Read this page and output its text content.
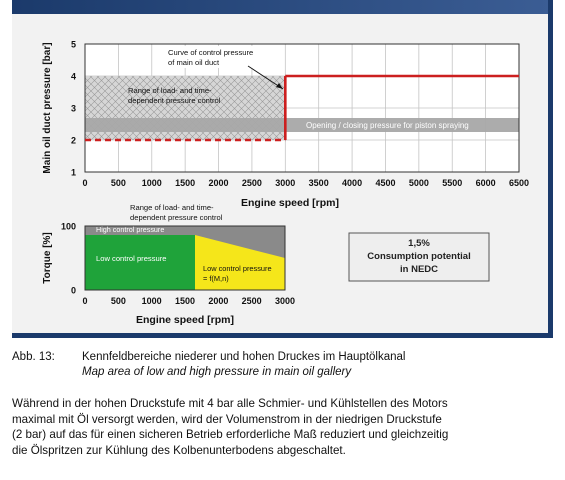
1
2
3
4
5
0	500 1000 1500 2000 2500 3000 3500 4000 4500 5000 5500 6000 6500
Main oil duct pressure [bar]
Engine speed [rpm]
Curve of control pressure
of main oil duct
Range of load- and time-
dependent pressure control
Opening / closing pressure for piston spraying
Range of load- and time-
dependent pressure control
0
100
0	500 1000 1500 2000 2500 3000
High control pressure
Low control pressure
Low control pressure
= f(M,n)
Torque [%]
Engine speed [rpm]
1,5%
Consumption potential
in NEDC
Abb. 13: Kennfeldbereiche niederer und hohen Druckes im Hauptölkanal
Map area of low and high pressure in main oil gallery
Während in der hohen Druckstufe mit 4 bar alle Schmier- und Kühlstellen des Motors
maximal mit Öl versorgt werden, wird der Volumenstrom in der niedrigen Druckstufe
(2 bar) auf das für einen sicheren Betrieb erforderliche Maß reduziert und gleichzeitig
die Ölspritzen zur Kühlung des Kolbenunterbodens abgeschaltet.
